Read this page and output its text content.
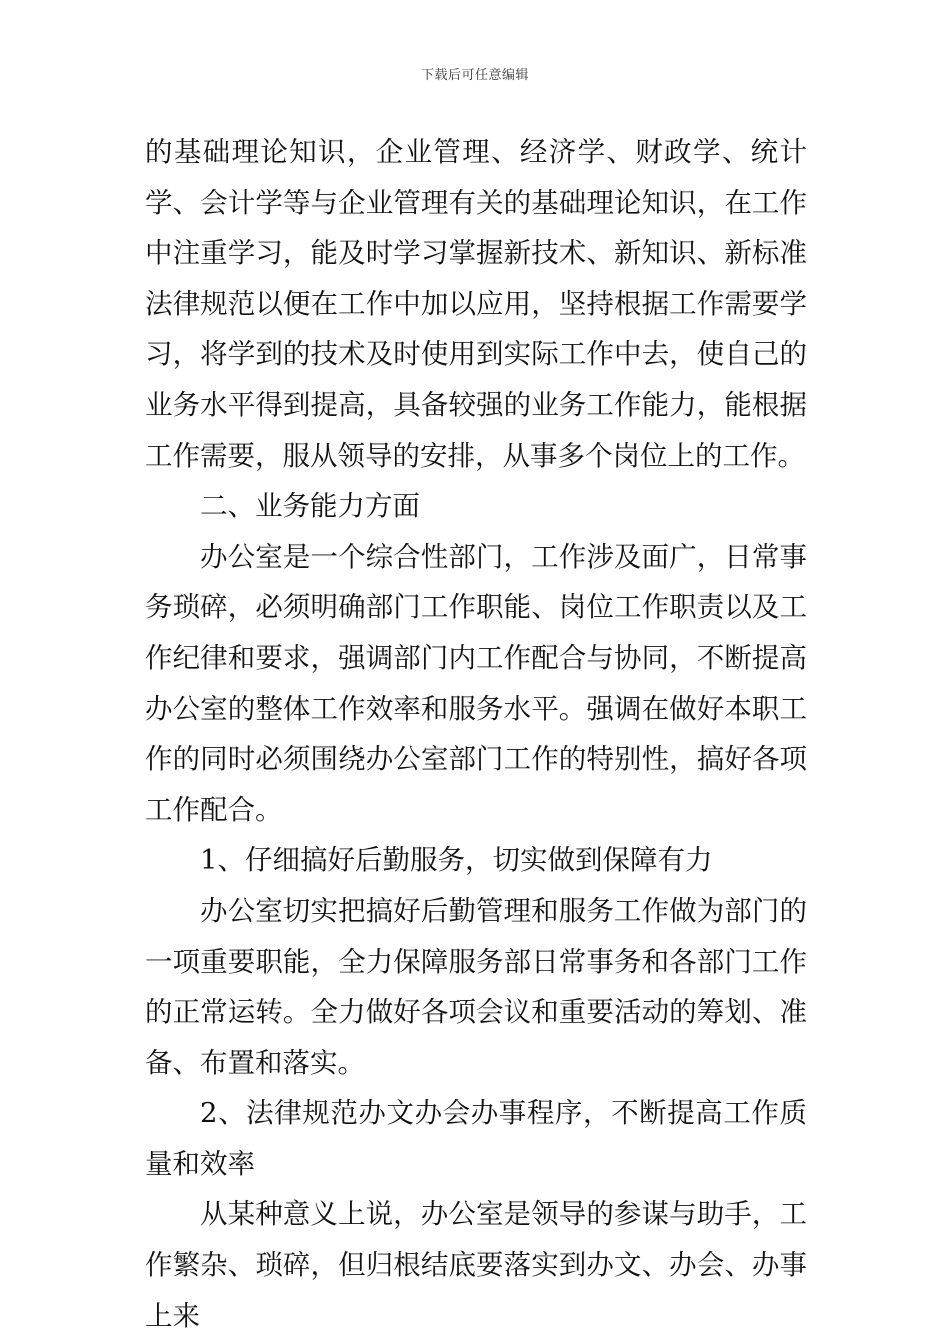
下载后可任意编辑

的基础理论知识，企业管理、经济学、财政学、统计学、会计学等与企业管理有关的基础理论知识，在工作中注重学习，能及时学习掌握新技术、新知识、新标准法律规范以便在工作中加以应用，坚持根据工作需要学习，将学到的技术及时使用到实际工作中去，使自己的业务水平得到提高，具备较强的业务工作能力，能根据工作需要，服从领导的安排，从事多个岗位上的工作。

二、业务能力方面

办公室是一个综合性部门，工作涉及面广，日常事务琐碎，必须明确部门工作职能、岗位工作职责以及工作纪律和要求，强调部门内工作配合与协同，不断提高办公室的整体工作效率和服务水平。强调在做好本职工作的同时必须围绕办公室部门工作的特别性，搞好各项工作配合。

1、仔细搞好后勤服务，切实做到保障有力

办公室切实把搞好后勤管理和服务工作做为部门的一项重要职能，全力保障服务部日常事务和各部门工作的正常运转。全力做好各项会议和重要活动的筹划、准备、布置和落实。

2、法律规范办文办会办事程序，不断提高工作质量和效率

从某种意义上说，办公室是领导的参谋与助手，工作繁杂、琐碎，但归根结底要落实到办文、办会、办事上来
